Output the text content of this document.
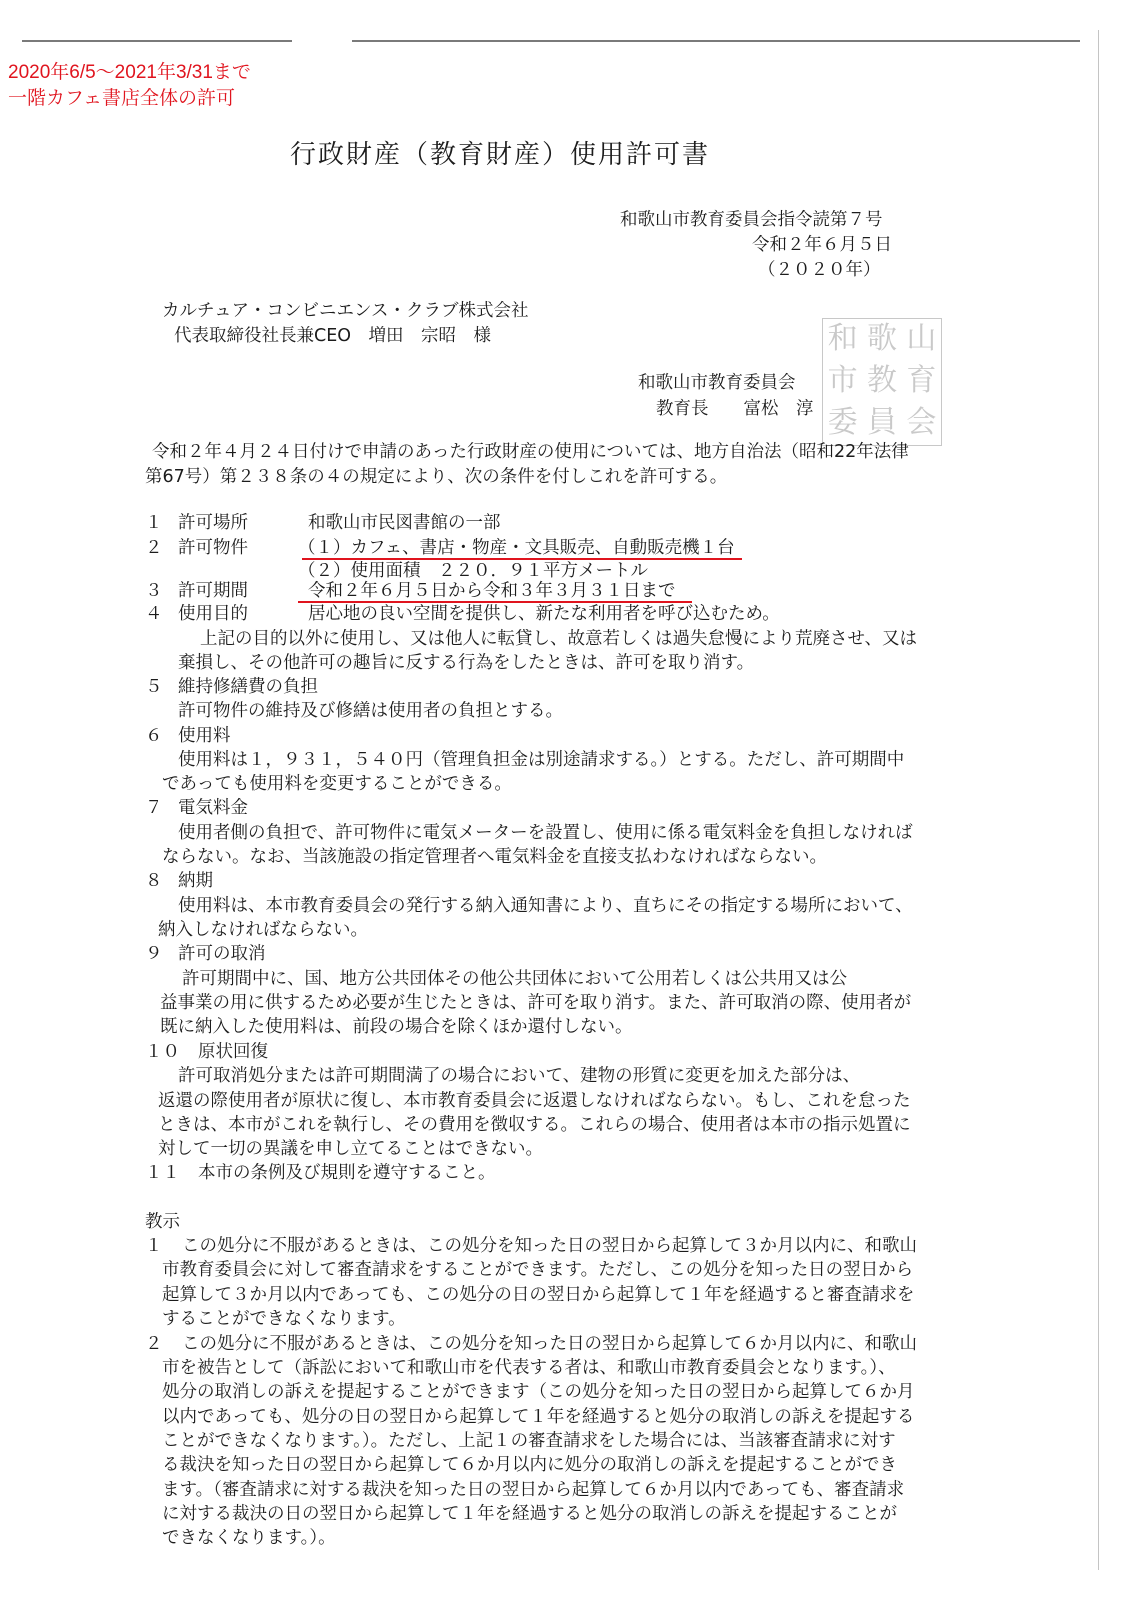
2020年6/5～2021年3/31まで
一階カフェ書店全体の許可
行政財産（教育財産）使用許可書
和歌山市教育委員会指令読第７号
令和２年６月５日
（２０２０年）
カルチュア・コンビニエンス・クラブ株式会社
代表取締役社長兼CEO　増田　宗昭　様
和歌山市教育委員会
教育長　　富松　淳
和 歌 山
市 教 育
委 員 会
令和２年４月２４日付けで申請のあった行政財産の使用については、地方自治法（昭和22年法律
第67号）第２３８条の４の規定により、次の条件を付しこれを許可する。
１ 許可場所	和歌山市民図書館の一部
２ 許可物件	（１）カフェ、書店・物産・文具販売、自動販売機１台
（２）使用面積　２２０．９１平方メートル
３ 許可期間	令和２年６月５日から令和３年３月３１日まで
４ 使用目的	居心地の良い空間を提供し、新たな利用者を呼び込むため。
上記の目的以外に使用し、又は他人に転貸し、故意若しくは過失怠慢により荒廃させ、又は
棄損し、その他許可の趣旨に反する行為をしたときは、許可を取り消す。
５ 維持修繕費の負担
許可物件の維持及び修繕は使用者の負担とする。
６ 使用料
使用料は１，９３１，５４０円（管理負担金は別途請求する。）とする。ただし、許可期間中
であっても使用料を変更することができる。
７ 電気料金
使用者側の負担で、許可物件に電気メーターを設置し、使用に係る電気料金を負担しなければ
ならない。なお、当該施設の指定管理者へ電気料金を直接支払わなければならない。
８ 納期
使用料は、本市教育委員会の発行する納入通知書により、直ちにその指定する場所において、
納入しなければならない。
９ 許可の取消
許可期間中に、国、地方公共団体その他公共団体において公用若しくは公共用又は公
益事業の用に供するため必要が生じたときは、許可を取り消す。また、許可取消の際、使用者が
既に納入した使用料は、前段の場合を除くほか還付しない。
１０ 原状回復
許可取消処分または許可期間満了の場合において、建物の形質に変更を加えた部分は、
返還の際使用者が原状に復し、本市教育委員会に返還しなければならない。もし、これを怠った
ときは、本市がこれを執行し、その費用を徴収する。これらの場合、使用者は本市の指示処置に
対して一切の異議を申し立てることはできない。
１１ 本市の条例及び規則を遵守すること。
教示
１ この処分に不服があるときは、この処分を知った日の翌日から起算して３か月以内に、和歌山
市教育委員会に対して審査請求をすることができます。ただし、この処分を知った日の翌日から
起算して３か月以内であっても、この処分の日の翌日から起算して１年を経過すると審査請求を
することができなくなります。
２ この処分に不服があるときは、この処分を知った日の翌日から起算して６か月以内に、和歌山
市を被告として（訴訟において和歌山市を代表する者は、和歌山市教育委員会となります。）、
処分の取消しの訴えを提起することができます（この処分を知った日の翌日から起算して６か月
以内であっても、処分の日の翌日から起算して１年を経過すると処分の取消しの訴えを提起する
ことができなくなります。）。ただし、上記１の審査請求をした場合には、当該審査請求に対す
る裁決を知った日の翌日から起算して６か月以内に処分の取消しの訴えを提起することができ
ます。（審査請求に対する裁決を知った日の翌日から起算して６か月以内であっても、審査請求
に対する裁決の日の翌日から起算して１年を経過すると処分の取消しの訴えを提起することが
できなくなります。）。
